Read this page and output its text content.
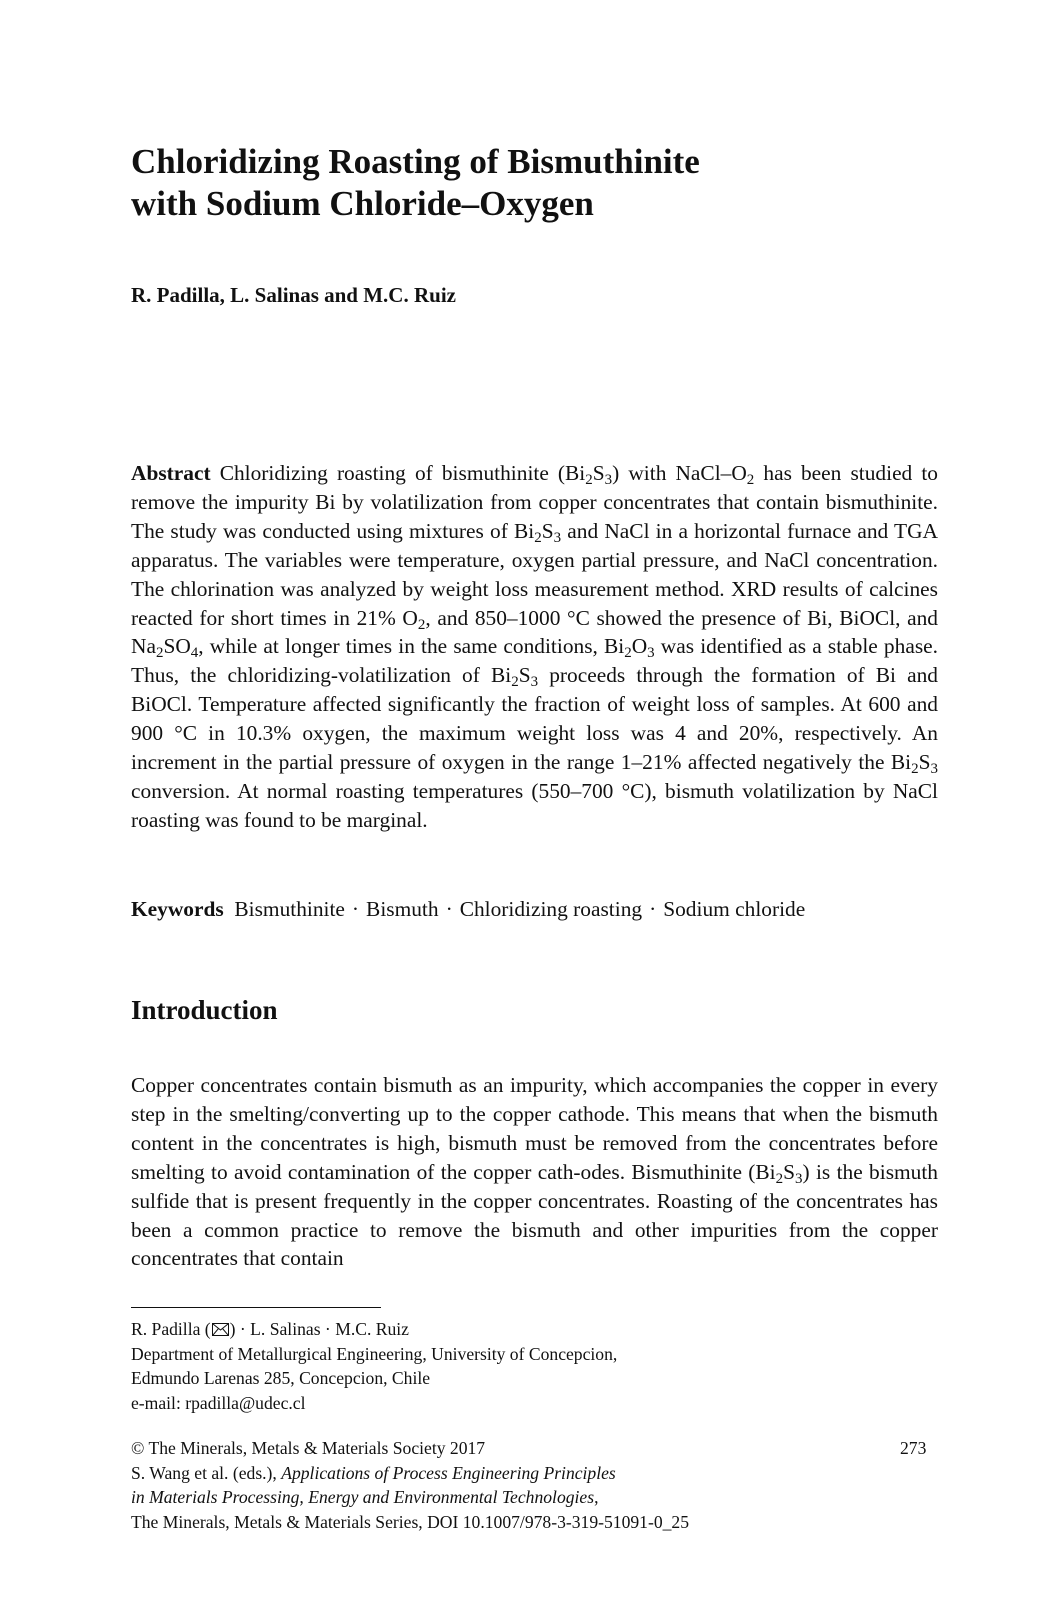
Chloridizing Roasting of Bismuthinite
with Sodium Chloride–Oxygen

R. Padilla, L. Salinas and M.C. Ruiz

Abstract Chloridizing roasting of bismuthinite $(Bi_2S_3)$ with NaCl–$O_2$ has been studied to remove the impurity Bi by volatilization from copper concentrates that contain bismuthinite. The study was conducted using mixtures of $Bi_2S_3$ and NaCl in a horizontal furnace and TGA apparatus. The variables were temperature, oxygen partial pressure, and NaCl concentration. The chlorination was analyzed by weight loss measurement method. XRD results of calcines reacted for short times in 21% $O_2$, and 850–1000 °C showed the presence of Bi, BiOCl, and $Na_2SO_4$, while at longer times in the same conditions, $Bi_2O_3$ was identified as a stable phase. Thus, the chloridizing-volatilization of $Bi_2S_3$ proceeds through the formation of Bi and BiOCl. Temperature affected significantly the fraction of weight loss of samples. At 600 and 900 °C in 10.3% oxygen, the maximum weight loss was 4 and 20%, respectively. An increment in the partial pressure of oxygen in the range 1–21% affected negatively the $Bi_2S_3$ conversion. At normal roasting temperatures (550–700 °C), bismuth volatilization by NaCl roasting was found to be marginal.

Keywords Bismuthinite · Bismuth · Chloridizing roasting · Sodium chloride

Introduction

Copper concentrates contain bismuth as an impurity, which accompanies the copper in every step in the smelting/converting up to the copper cathode. This means that when the bismuth content in the concentrates is high, bismuth must be removed from the concentrates before smelting to avoid contamination of the copper cath-odes. Bismuthinite $(Bi_2S_3)$ is the bismuth sulfide that is present frequently in the copper concentrates. Roasting of the concentrates has been a common practice to remove the bismuth and other impurities from the copper concentrates that contain

R. Padilla ( ) · L. Salinas · M.C. Ruiz
Department of Metallurgical Engineering, University of Concepcion,
Edmundo Larenas 285, Concepcion, Chile
e-mail: rpadilla@udec.cl
© The Minerals, Metals & Materials Society 2017
S. Wang et al. (eds.), Applications of Process Engineering Principles
in Materials Processing, Energy and Environmental Technologies,
The Minerals, Metals & Materials Series, DOI 10.1007/978-3-319-51091-0_25
273
